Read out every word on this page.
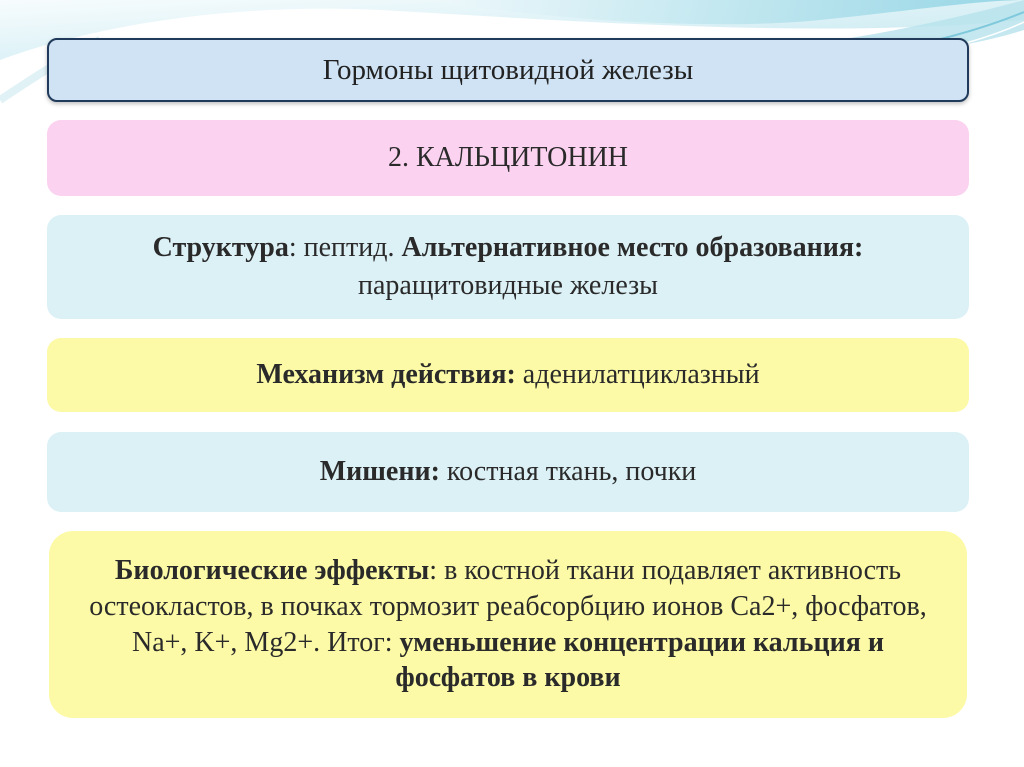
Гормоны щитовидной железы
2. КАЛЬЦИТОНИН
Структура: пептид. Альтернативное место образования: паращитовидные железы
Механизм действия: аденилатциклазный
Мишени: костная ткань, почки
Биологические эффекты: в костной ткани подавляет активность остеокластов, в почках тормозит реабсорбцию ионов Ca2+, фосфатов, Na+, K+, Mg2+. Итог: уменьшение концентрации кальция и фосфатов в крови
